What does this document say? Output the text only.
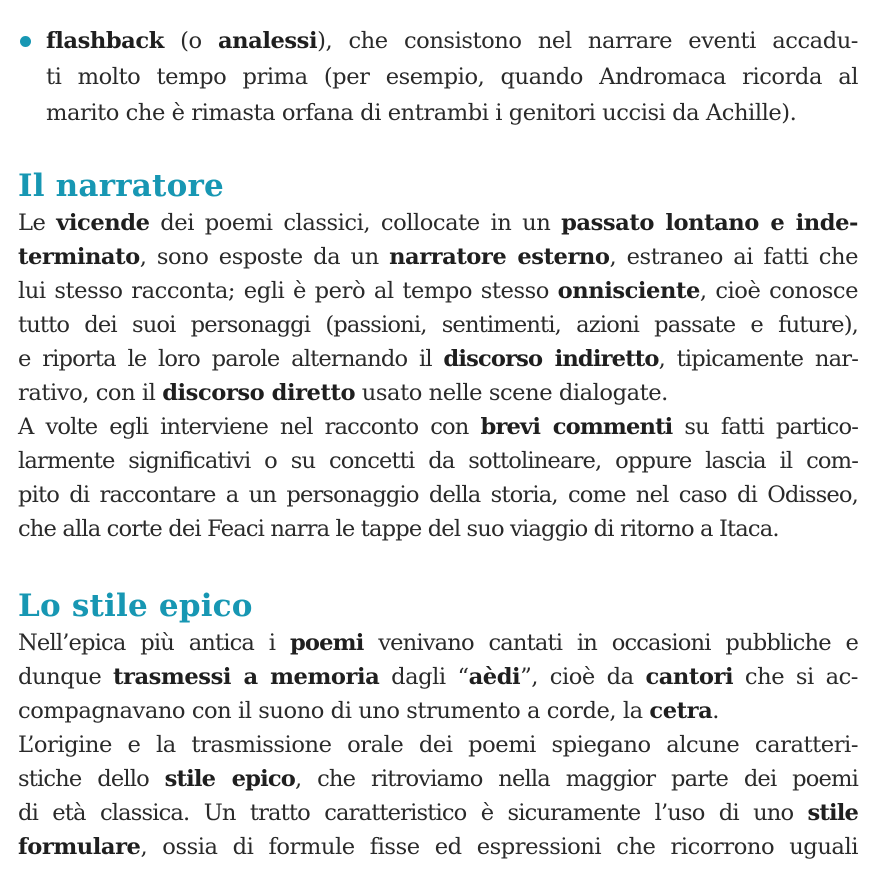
flashback (o analessi), che consistono nel narrare eventi accadu-
ti molto tempo prima (per esempio, quando Andromaca ricorda al
marito che è rimasta orfana di entrambi i genitori uccisi da Achille).
Il narratore
Le vicende dei poemi classici, collocate in un passato lontano e inde-
terminato, sono esposte da un narratore esterno, estraneo ai fatti che
lui stesso racconta; egli è però al tempo stesso onnisciente, cioè conosce
tutto dei suoi personaggi (passioni, sentimenti, azioni passate e future),
e riporta le loro parole alternando il discorso indiretto, tipicamente nar-
rativo, con il discorso diretto usato nelle scene dialogate.
A volte egli interviene nel racconto con brevi commenti su fatti partico-
larmente significativi o su concetti da sottolineare, oppure lascia il com-
pito di raccontare a un personaggio della storia, come nel caso di Odisseo,
che alla corte dei Feaci narra le tappe del suo viaggio di ritorno a Itaca.
Lo stile epico
Nell’epica più antica i poemi venivano cantati in occasioni pubbliche e
dunque trasmessi a memoria dagli “aèdi”, cioè da cantori che si ac-
compagnavano con il suono di uno strumento a corde, la cetra.
L’origine e la trasmissione orale dei poemi spiegano alcune caratteri-
stiche dello stile epico, che ritroviamo nella maggior parte dei poemi
di età classica. Un tratto caratteristico è sicuramente l’uso di uno stile
formulare, ossia di formule fisse ed espressioni che ricorrono uguali
